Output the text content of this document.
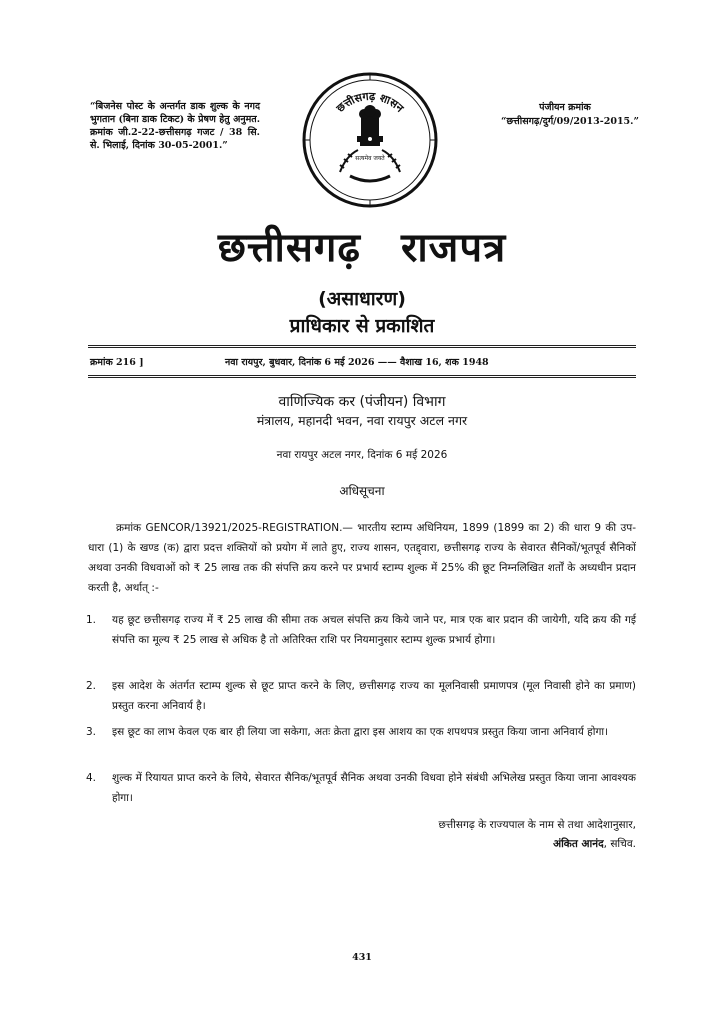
“बिजनेस पोस्ट के अन्तर्गत डाक शुल्क के नगद भुगतान (बिना डाक टिकट) के प्रेषण हेतु अनुमत. क्रमांक जी.2-22-छत्तीसगढ़ गजट / 38 सि. से. भिलाई, दिनांक 30-05-2001.”
पंजीयन क्रमांक
“छत्तीसगढ़/दुर्ग/09/2013-2015.”
छत्तीसगढ़ शासन
सत्यमेव जयते
छत्तीसगढ़ राजपत्र
(असाधारण)
प्राधिकार से प्रकाशित
क्रमांक 216 ]	नवा रायपुर, बुधवार, दिनांक 6 मई 2026 —— वैशाख 16, शक 1948
वाणिज्यिक कर (पंजीयन) विभाग
मंत्रालय, महानदी भवन, नवा रायपुर अटल नगर
नवा रायपुर अटल नगर, दिनांक 6 मई 2026
अधिसूचना
क्रमांक GENCOR/13921/2025-REGISTRATION.— भारतीय स्टाम्प अधिनियम, 1899 (1899 का 2) की धारा 9 की उप-धारा (1) के खण्ड (क) द्वारा प्रदत्त शक्तियों को प्रयोग में लाते हुए, राज्य शासन, एतद्द्वारा, छत्तीसगढ़ राज्य के सेवारत सैनिकों/भूतपूर्व सैनिकों अथवा उनकी विधवाओं को ₹ 25 लाख तक की संपत्ति क्रय करने पर प्रभार्य स्टाम्प शुल्क में 25% की छूट निम्नलिखित शर्तों के अध्यधीन प्रदान करती है, अर्थात् :-
1. यह छूट छत्तीसगढ़ राज्य में ₹ 25 लाख की सीमा तक अचल संपत्ति क्रय किये जाने पर, मात्र एक बार प्रदान की जायेगी, यदि क्रय की गई संपत्ति का मूल्य ₹ 25 लाख से अधिक है तो अतिरिक्त राशि पर नियमानुसार स्टाम्प शुल्क प्रभार्य होगा।
2. इस आदेश के अंतर्गत स्टाम्प शुल्क से छूट प्राप्त करने के लिए, छत्तीसगढ़ राज्य का मूलनिवासी प्रमाणपत्र (मूल निवासी होने का प्रमाण) प्रस्तुत करना अनिवार्य है।
3. इस छूट का लाभ केवल एक बार ही लिया जा सकेगा, अतः क्रेता द्वारा इस आशय का एक शपथपत्र प्रस्तुत किया जाना अनिवार्य होगा।
4. शुल्क में रियायत प्राप्त करने के लिये, सेवारत सैनिक/भूतपूर्व सैनिक अथवा उनकी विधवा होने संबंधी अभिलेख प्रस्तुत किया जाना आवश्यक होगा।
छत्तीसगढ़ के राज्यपाल के नाम से तथा आदेशानुसार,
अंकित आनंद, सचिव.
431
